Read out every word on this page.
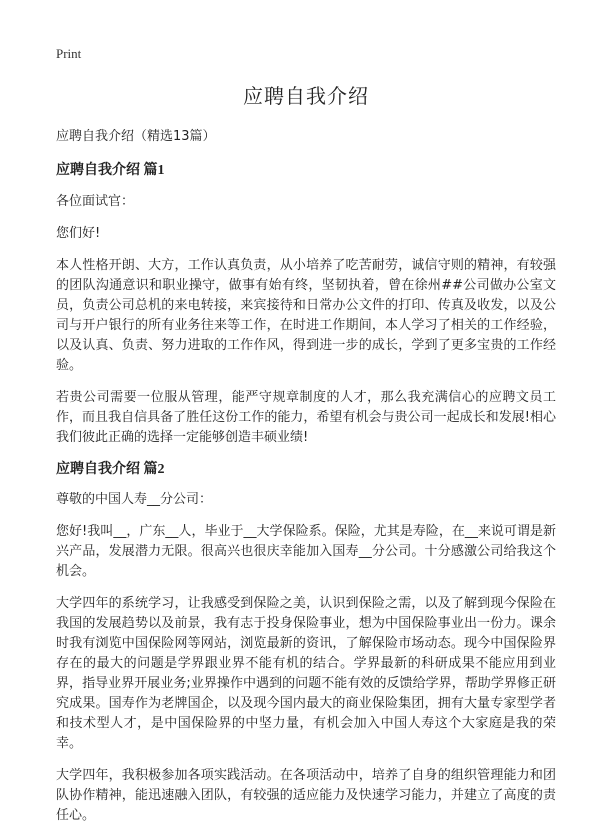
Print
应聘自我介绍
应聘自我介绍（精选13篇）
应聘自我介绍 篇1

各位面试官：

您们好!

本人性格开朗、大方，工作认真负责，从小培养了吃苦耐劳，诚信守则的精神，有较强的团队沟通意识和职业操守，做事有始有终，坚韧执着，曾在徐州##公司做办公室文员，负责公司总机的来电转接，来宾接待和日常办公文件的打印、传真及收发，以及公司与开户银行的所有业务往来等工作，在时进工作期间，本人学习了相关的工作经验，以及认真、负责、努力进取的工作作风，得到进一步的成长，学到了更多宝贵的工作经验。

若贵公司需要一位服从管理，能严守规章制度的人才，那么我充满信心的应聘文员工作，而且我自信具备了胜任这份工作的能力，希望有机会与贵公司一起成长和发展!相心我们彼此正确的选择一定能够创造丰硕业绩!

应聘自我介绍 篇2

尊敬的中国人寿__分公司：

您好!我叫__，广东__人，毕业于__大学保险系。保险，尤其是寿险，在__来说可谓是新兴产品，发展潜力无限。很高兴也很庆幸能加入国寿__分公司。十分感激公司给我这个机会。

大学四年的系统学习，让我感受到保险之美，认识到保险之需，以及了解到现今保险在我国的发展趋势以及前景，我有志于投身保险事业，想为中国保险事业出一份力。课余时我有浏览中国保险网等网站，浏览最新的资讯，了解保险市场动态。现今中国保险界存在的最大的问题是学界跟业界不能有机的结合。学界最新的科研成果不能应用到业界，指导业界开展业务;业界操作中遇到的问题不能有效的反馈给学界，帮助学界修正研究成果。国寿作为老牌国企，以及现今国内最大的商业保险集团，拥有大量专家型学者和技术型人才，是中国保险界的中坚力量，有机会加入中国人寿这个大家庭是我的荣幸。

大学四年，我积极参加各项实践活动。在各项活动中，培养了自身的组织管理能力和团队协作精神，能迅速融入团队，有较强的适应能力及快速学习能力，并建立了高度的责任心。
